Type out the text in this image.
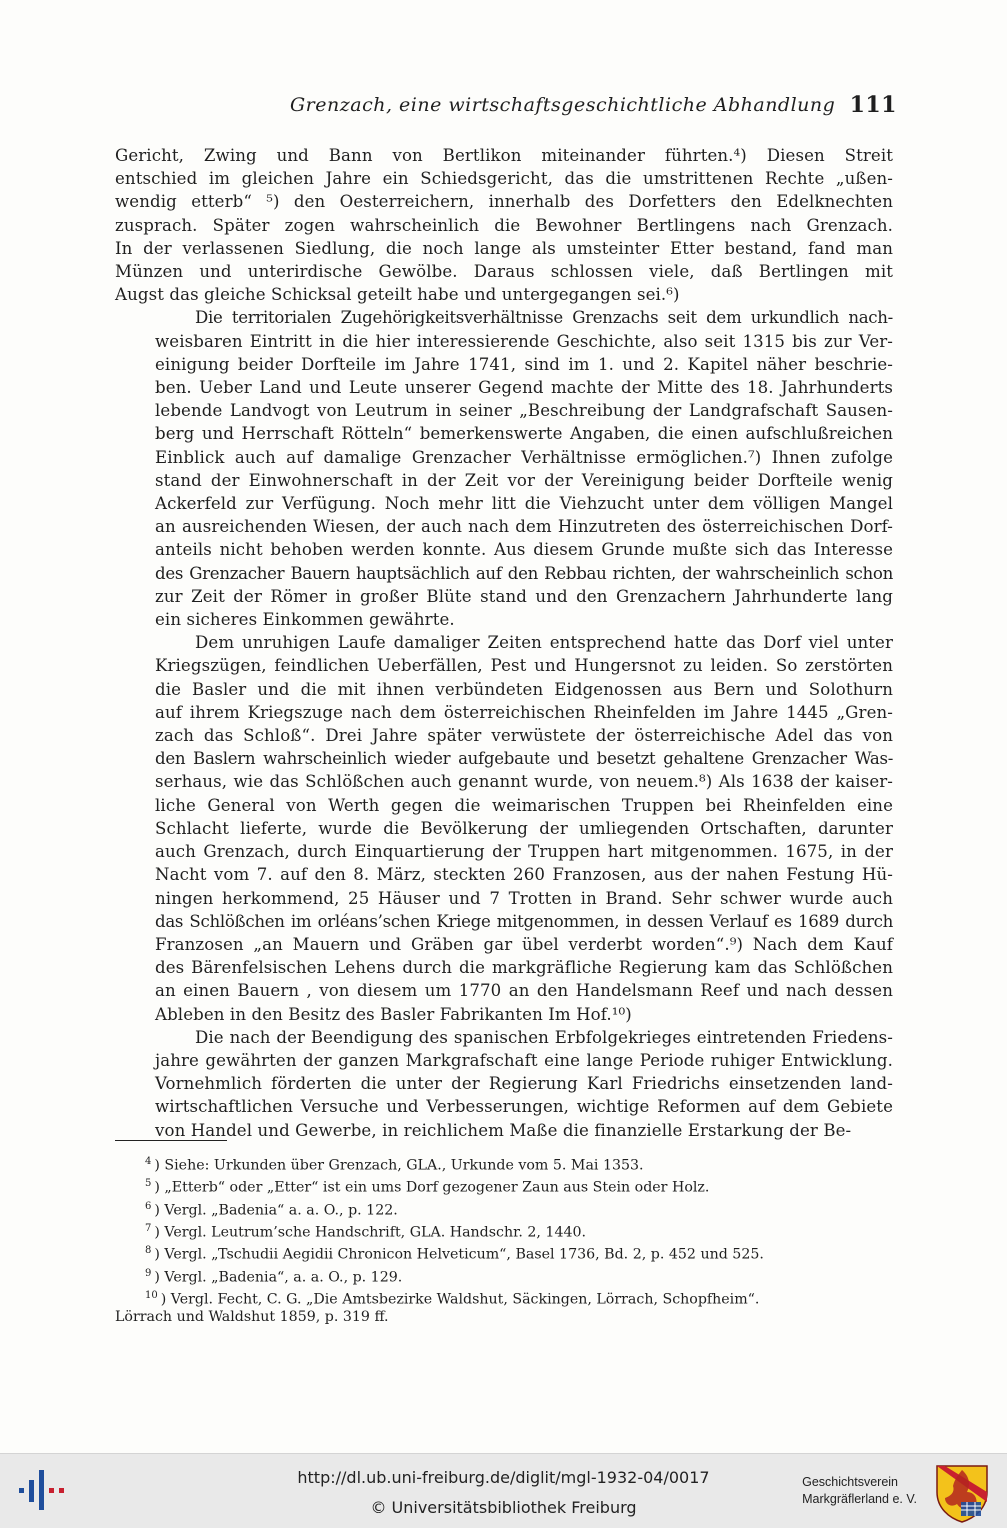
Grenzach, eine wirtschaftsgeschichtliche Abhandlung 111
Gericht, Zwing und Bann von Bertlikon miteinander führten.⁴) Diesen Streit
entschied im gleichen Jahre ein Schiedsgericht, das die umstrittenen Rechte „ußen-
wendig etterb“ ⁵) den Oesterreichern, innerhalb des Dorfetters den Edelknechten
zusprach. Später zogen wahrscheinlich die Bewohner Bertlingens nach Grenzach.
In der verlassenen Siedlung, die noch lange als umsteinter Etter bestand, fand man
Münzen und unterirdische Gewölbe. Daraus schlossen viele, daß Bertlingen mit
Augst das gleiche Schicksal geteilt habe und untergegangen sei.⁶)
Die territorialen Zugehörigkeitsverhältnisse Grenzachs seit dem urkundlich nach-
weisbaren Eintritt in die hier interessierende Geschichte, also seit 1315 bis zur Ver-
einigung beider Dorfteile im Jahre 1741, sind im 1. und 2. Kapitel näher beschrie-
ben. Ueber Land und Leute unserer Gegend machte der Mitte des 18. Jahrhunderts
lebende Landvogt von Leutrum in seiner „Beschreibung der Landgrafschaft Sausen-
berg und Herrschaft Rötteln“ bemerkenswerte Angaben, die einen aufschlußreichen
Einblick auch auf damalige Grenzacher Verhältnisse ermöglichen.⁷) Ihnen zufolge
stand der Einwohnerschaft in der Zeit vor der Vereinigung beider Dorfteile wenig
Ackerfeld zur Verfügung. Noch mehr litt die Viehzucht unter dem völligen Mangel
an ausreichenden Wiesen, der auch nach dem Hinzutreten des österreichischen Dorf-
anteils nicht behoben werden konnte. Aus diesem Grunde mußte sich das Interesse
des Grenzacher Bauern hauptsächlich auf den Rebbau richten, der wahrscheinlich schon
zur Zeit der Römer in großer Blüte stand und den Grenzachern Jahrhunderte lang
ein sicheres Einkommen gewährte.
Dem unruhigen Laufe damaliger Zeiten entsprechend hatte das Dorf viel unter
Kriegszügen, feindlichen Ueberfällen, Pest und Hungersnot zu leiden. So zerstörten
die Basler und die mit ihnen verbündeten Eidgenossen aus Bern und Solothurn
auf ihrem Kriegszuge nach dem österreichischen Rheinfelden im Jahre 1445 „Gren-
zach das Schloß“. Drei Jahre später verwüstete der österreichische Adel das von
den Baslern wahrscheinlich wieder aufgebaute und besetzt gehaltene Grenzacher Was-
serhaus, wie das Schlößchen auch genannt wurde, von neuem.⁸) Als 1638 der kaiser-
liche General von Werth gegen die weimarischen Truppen bei Rheinfelden eine
Schlacht lieferte, wurde die Bevölkerung der umliegenden Ortschaften, darunter
auch Grenzach, durch Einquartierung der Truppen hart mitgenommen. 1675, in der
Nacht vom 7. auf den 8. März, steckten 260 Franzosen, aus der nahen Festung Hü-
ningen herkommend, 25 Häuser und 7 Trotten in Brand. Sehr schwer wurde auch
das Schlößchen im orléans’schen Kriege mitgenommen, in dessen Verlauf es 1689 durch
Franzosen „an Mauern und Gräben gar übel verderbt worden“.⁹) Nach dem Kauf
des Bärenfelsischen Lehens durch die markgräfliche Regierung kam das Schlößchen
an einen Bauern , von diesem um 1770 an den Handelsmann Reef und nach dessen
Ableben in den Besitz des Basler Fabrikanten Im Hof.¹⁰)
Die nach der Beendigung des spanischen Erbfolgekrieges eintretenden Friedens-
jahre gewährten der ganzen Markgrafschaft eine lange Periode ruhiger Entwicklung.
Vornehmlich förderten die unter der Regierung Karl Friedrichs einsetzenden land-
wirtschaftlichen Versuche und Verbesserungen, wichtige Reformen auf dem Gebiete
von Handel und Gewerbe, in reichlichem Maße die finanzielle Erstarkung der Be-
$^4$ ) Siehe: Urkunden über Grenzach, GLA., Urkunde vom 5. Mai 1353.
$^5$ ) „Etterb“ oder „Etter“ ist ein ums Dorf gezogener Zaun aus Stein oder Holz.
$^6$ ) Vergl. „Badenia“ a. a. O., p. 122.
$^7$ ) Vergl. Leutrum’sche Handschrift, GLA. Handschr. 2, 1440.
$^8$ ) Vergl. „Tschudii Aegidii Chronicon Helveticum“, Basel 1736, Bd. 2, p. 452 und 525.
$^9$ ) Vergl. „Badenia“, a. a. O., p. 129.
$^{10}$ ) Vergl. Fecht, C. G. „Die Amtsbezirke Waldshut, Säckingen, Lörrach, Schopfheim“.
Lörrach und Waldshut 1859, p. 319 ff.
http://dl.ub.uni-freiburg.de/diglit/mgl-1932-04/0017
© Universitätsbibliothek Freiburg
Geschichtsverein
Markgräflerland e. V.
